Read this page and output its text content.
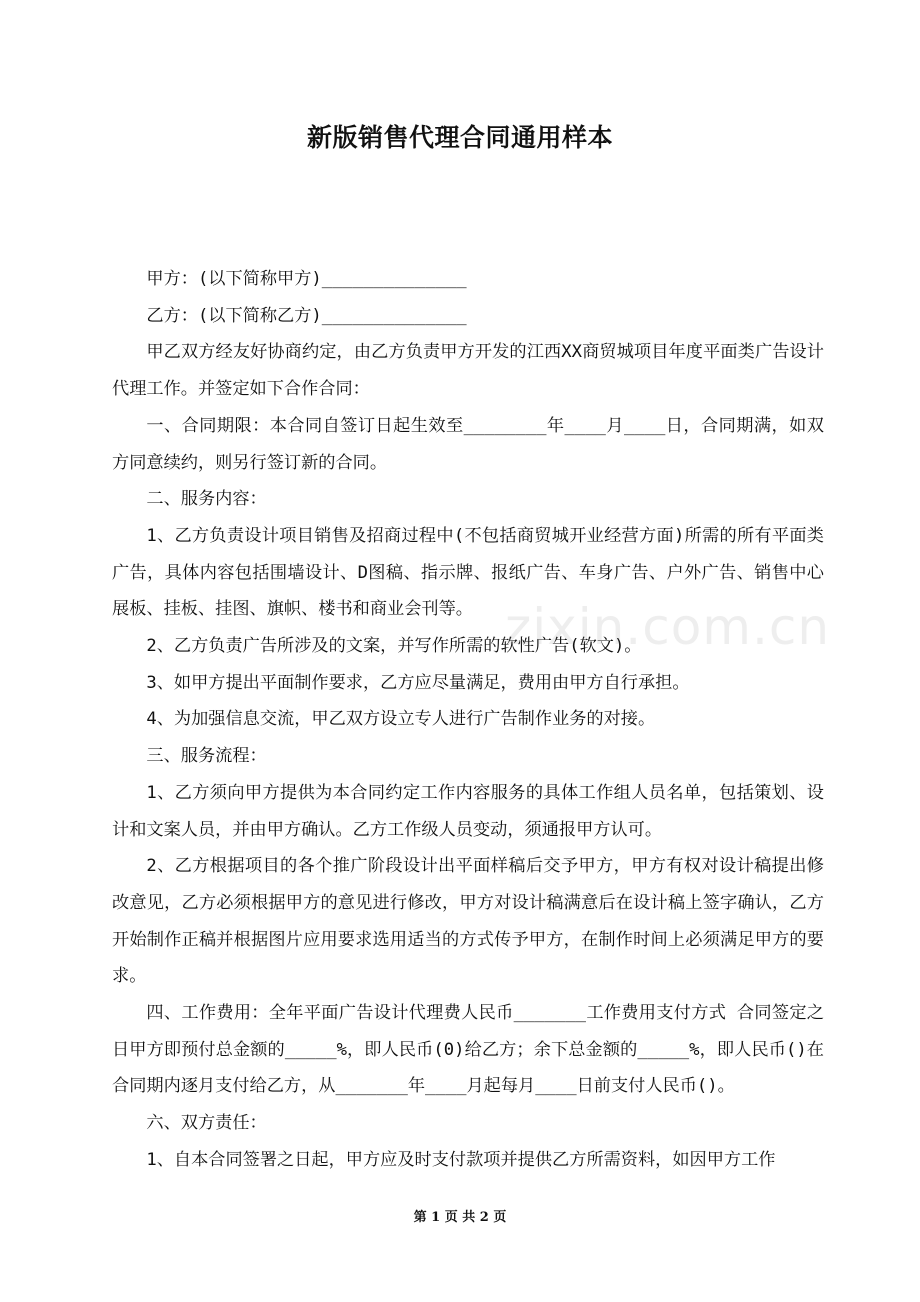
新版销售代理合同通用样本

甲方：(以下简称甲方)______________

乙方：(以下简称乙方)______________

甲乙双方经友好协商约定，由乙方负责甲方开发的江西XX商贸城项目年度平面类广告设计代理工作。并签定如下合作合同：

一、合同期限：本合同自签订日起生效至________年____月____日，合同期满，如双方同意续约，则另行签订新的合同。

二、服务内容：

1、乙方负责设计项目销售及招商过程中(不包括商贸城开业经营方面)所需的所有平面类广告，具体内容包括围墙设计、D图稿、指示牌、报纸广告、车身广告、户外广告、销售中心展板、挂板、挂图、旗帜、楼书和商业会刊等。

2、乙方负责广告所涉及的文案，并写作所需的软性广告(软文)。

3、如甲方提出平面制作要求，乙方应尽量满足，费用由甲方自行承担。

4、为加强信息交流，甲乙双方设立专人进行广告制作业务的对接。

三、服务流程：

1、乙方须向甲方提供为本合同约定工作内容服务的具体工作组人员名单，包括策划、设计和文案人员，并由甲方确认。乙方工作级人员变动，须通报甲方认可。

2、乙方根据项目的各个推广阶段设计出平面样稿后交予甲方，甲方有权对设计稿提出修改意见，乙方必须根据甲方的意见进行修改，甲方对设计稿满意后在设计稿上签字确认，乙方开始制作正稿并根据图片应用要求选用适当的方式传予甲方，在制作时间上必须满足甲方的要求。

四、工作费用：全年平面广告设计代理费人民币_______工作费用支付方式 合同签定之日甲方即预付总金额的_____%，即人民币(0)给乙方；余下总金额的_____%，即人民币()在合同期内逐月支付给乙方，从_______年____月起每月____日前支付人民币()。

六、双方责任：

1、自本合同签署之日起，甲方应及时支付款项并提供乙方所需资料，如因甲方工作

zixin.com.cn
第 1 页 共 2 页
